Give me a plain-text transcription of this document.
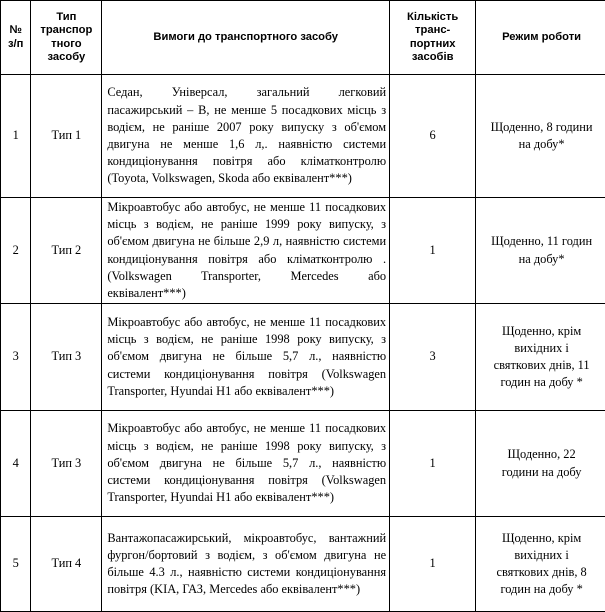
№ з/п	Тип транспор тного засобу	Вимоги до транспортного засобу	Кількість транс-портних засобів	Режим роботи

1	Тип 1	Седан, Універсал, загальний легковий пасажирський – В, не менше 5 посадкових місць з водієм, не раніше 2007 року випуску з об'ємом двигуна не менше 1,6 л,. наявністю системи кондиціонування повітря або кліматконтролю (Toyota, Volkswagen, Skoda або еквівалент***)	6	Щоденно, 8 години на добу*

2	Тип 2	Мікроавтобус або автобус, не менше 11 посадкових місць з водієм, не раніше 1999 року випуску, з об'ємом двигуна не більше 2,9 л, наявністю системи кондиціонування повітря або кліматконтролю . (Volkswagen Transporter, Mercedes або еквівалент***)	1	Щоденно, 11 годин на добу*

3	Тип 3	Мікроавтобус або автобус, не менше 11 посадкових місць з водієм, не раніше 1998 року випуску, з об'ємом двигуна не більше 5,7 л., наявністю системи кондиціонування повітря (Volkswagen Transporter, Hyundai H1 або еквівалент***)	3	Щоденно, крім вихідних і святкових днів, 11 годин на добу *

4	Тип 3	Мікроавтобус або автобус, не менше 11 посадкових місць з водієм, не раніше 1998 року випуску, з об'ємом двигуна не більше 5,7 л., наявністю системи кондиціонування повітря (Volkswagen Transporter, Hyundai H1 або еквівалент***)	1	Щоденно, 22 години на добу

5	Тип 4	Вантажопасажирський, мікроавтобус, вантажний фургон/бортовий з водієм, з об'ємом двигуна не більше 4.3 л., наявністю системи кондиціонування повітря (KIA, ГАЗ, Mercedes або еквівалент***)	1	Щоденно, крім вихідних і святкових днів, 8 годин на добу *
